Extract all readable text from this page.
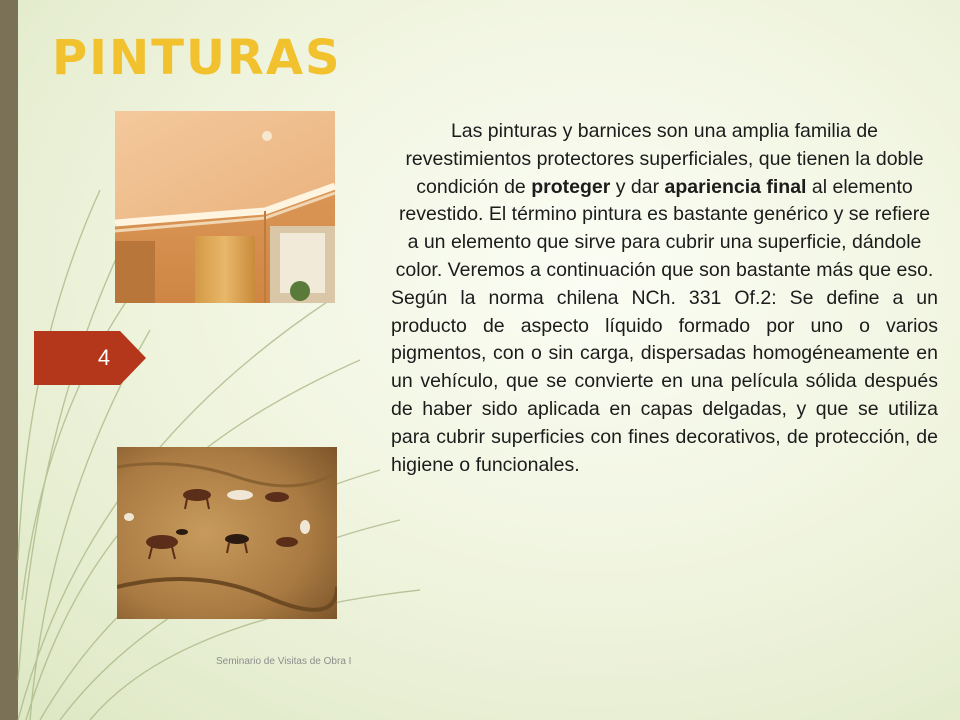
PINTURAS
4

Las pinturas y barnices son una amplia familia de revestimientos protectores superficiales, que tienen la doble condición de proteger y dar apariencia final al elemento revestido. El término pintura es bastante genérico y se refiere a un elemento que sirve para cubrir una superficie, dándole color. Veremos a continuación que son bastante más que eso.

Según la norma chilena NCh. 331 Of.2: Se define a un producto de aspecto líquido formado por uno o varios pigmentos, con o sin carga, dispersadas homogéneamente en un vehículo, que se convierte en una película sólida después de haber sido aplicada en capas delgadas, y que se utiliza para cubrir superficies con fines decorativos, de protección, de higiene o funcionales.

Seminario de Visitas de Obra I
